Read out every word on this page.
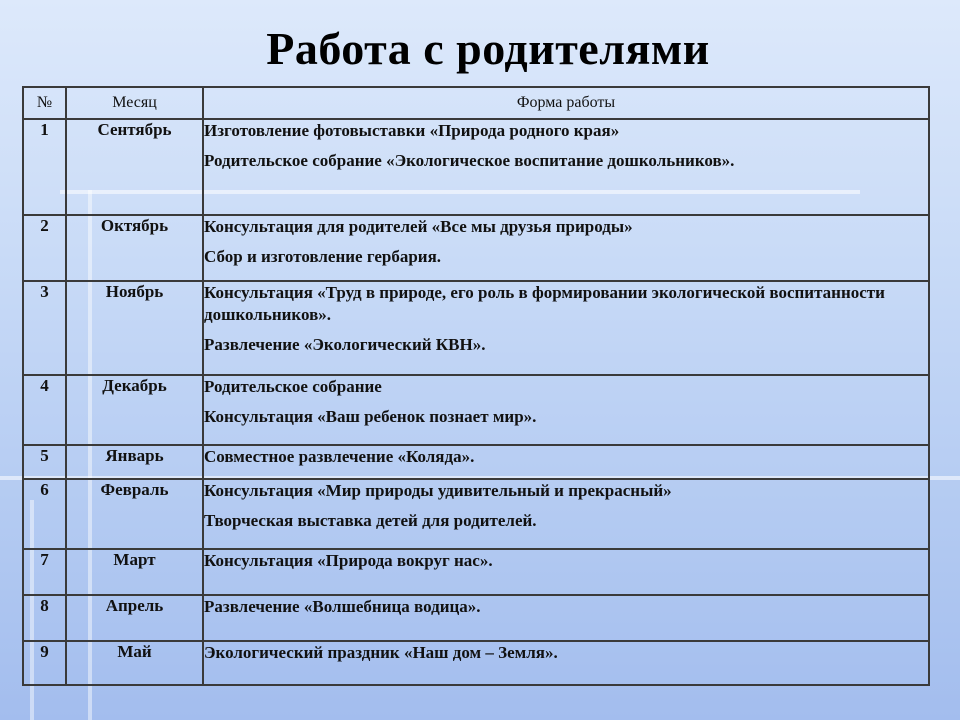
Работа с родителями
№	Месяц	Форма работы
1	Сентябрь	Изготовление фотовыставки «Природа родного края»

Родительское собрание «Экологическое воспитание дошкольников».

2	Октябрь	Консультация для родителей «Все мы друзья природы»

Сбор и изготовление гербария.

3	Ноябрь	Консультация «Труд в природе, его роль в формировании экологической воспитанности дошкольников».

Развлечение «Экологический КВН».

4	Декабрь	Родительское собрание

Консультация «Ваш ребенок познает мир».

5	Январь	Совместное развлечение «Коляда».

6	Февраль	Консультация «Мир природы удивительный и прекрасный»

Творческая выставка детей для родителей.

7	Март	Консультация «Природа вокруг нас».

8	Апрель	Развлечение «Волшебница водица».

9	Май	Экологический праздник «Наш дом – Земля».
